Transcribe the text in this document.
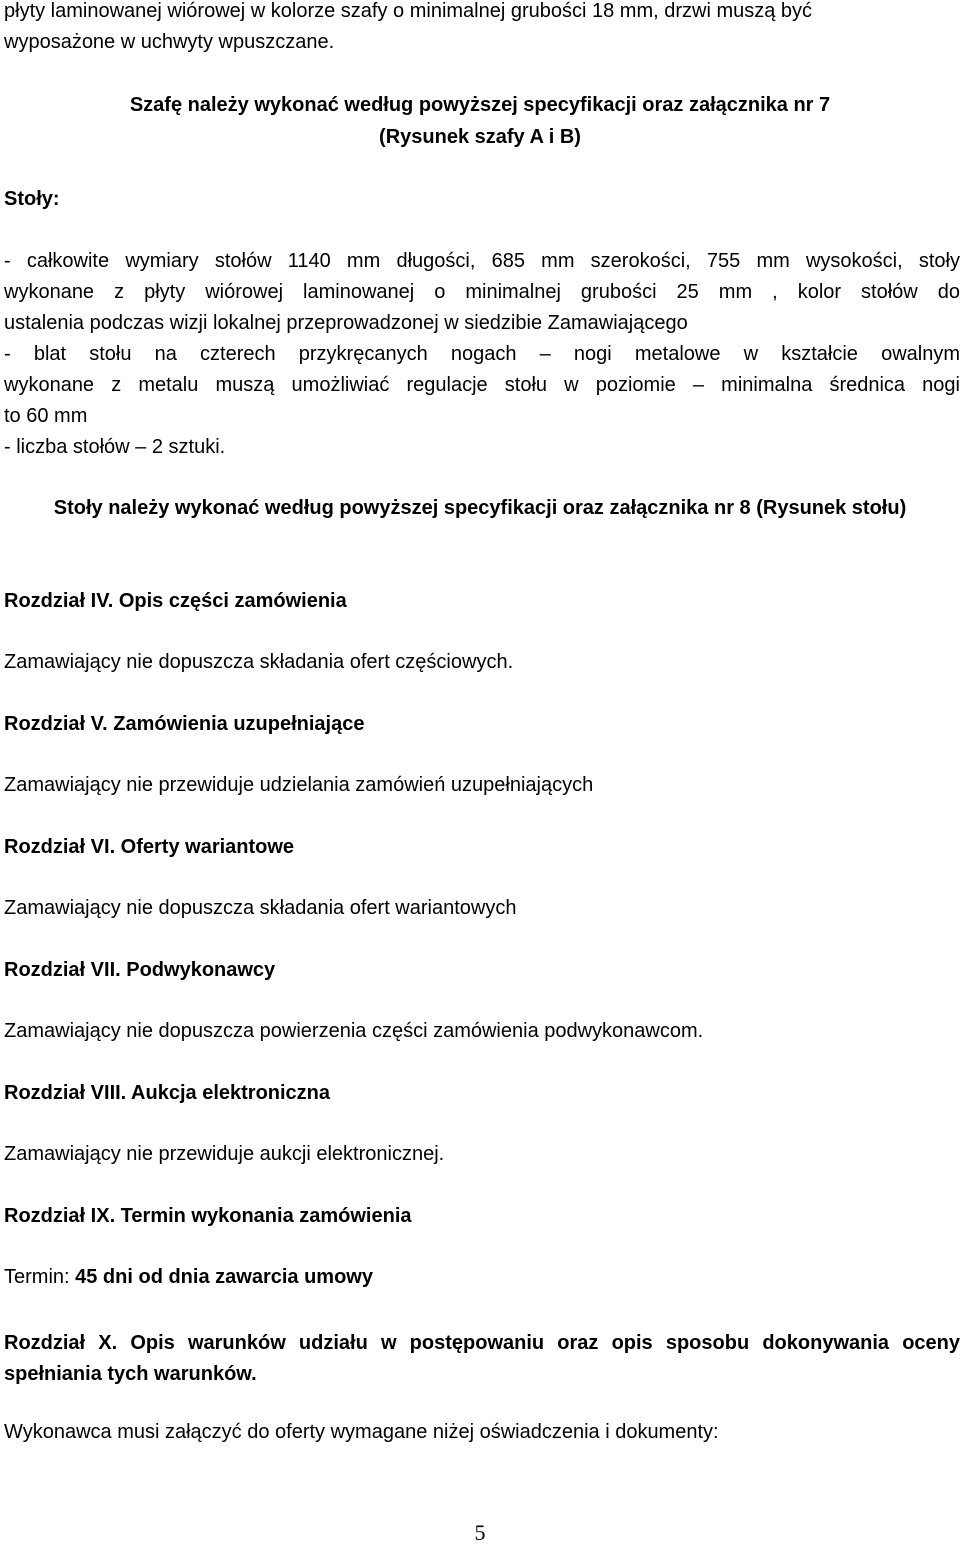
płyty laminowanej wiórowej w kolorze szafy o minimalnej grubości 18 mm, drzwi muszą być

wyposażone w uchwyty wpuszczane.

Szafę należy wykonać według powyższej specyfikacji oraz załącznika nr 7

(Rysunek szafy A i B)

Stoły:

- całkowite wymiary stołów 1140 mm długości, 685 mm szerokości, 755 mm wysokości, stoły

wykonane z płyty wiórowej laminowanej o minimalnej grubości 25 mm , kolor stołów do

ustalenia podczas wizji lokalnej przeprowadzonej w siedzibie Zamawiającego

- blat stołu na czterech przykręcanych nogach – nogi metalowe w kształcie owalnym

wykonane z metalu muszą umożliwiać regulacje stołu w poziomie – minimalna średnica nogi

to 60 mm

- liczba stołów – 2 sztuki.

Stoły należy wykonać według powyższej specyfikacji oraz załącznika nr 8 (Rysunek stołu)

Rozdział IV. Opis części zamówienia

Zamawiający nie dopuszcza składania ofert częściowych.

Rozdział V. Zamówienia uzupełniające

Zamawiający nie przewiduje udzielania zamówień uzupełniających

Rozdział VI. Oferty wariantowe

Zamawiający nie dopuszcza składania ofert wariantowych

Rozdział VII. Podwykonawcy

Zamawiający nie dopuszcza powierzenia części zamówienia podwykonawcom.

Rozdział VIII. Aukcja elektroniczna

Zamawiający nie przewiduje aukcji elektronicznej.

Rozdział IX. Termin wykonania zamówienia

Termin: 45 dni od dnia zawarcia umowy

Rozdział X. Opis warunków udziału w postępowaniu oraz opis sposobu dokonywania oceny spełniania tych warunków.

Wykonawca musi załączyć do oferty wymagane niżej oświadczenia i dokumenty:

5
